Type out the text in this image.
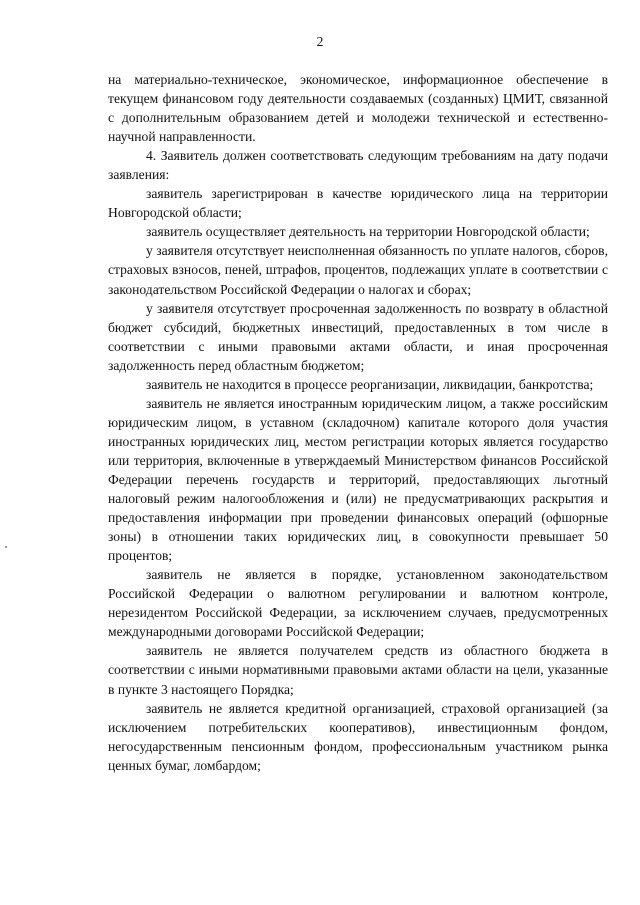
2

на материально-техническое, экономическое, информационное обеспечение в текущем финансовом году деятельности создаваемых (созданных) ЦМИТ, связанной с дополнительным образованием детей и молодежи технической и естественно-научной направленности.

4. Заявитель должен соответствовать следующим требованиям на дату подачи заявления:

заявитель зарегистрирован в качестве юридического лица на территории Новгородской области;

заявитель осуществляет деятельность на территории Новгородской области;

у заявителя отсутствует неисполненная обязанность по уплате налогов, сборов, страховых взносов, пеней, штрафов, процентов, подлежащих уплате в соответствии с законодательством Российской Федерации о налогах и сборах;

у заявителя отсутствует просроченная задолженность по возврату в областной бюджет субсидий, бюджетных инвестиций, предоставленных в том числе в соответствии с иными правовыми актами области, и иная просроченная задолженность перед областным бюджетом;

заявитель не находится в процессе реорганизации, ликвидации, банкротства;

заявитель не является иностранным юридическим лицом, а также российским юридическим лицом, в уставном (складочном) капитале которого доля участия иностранных юридических лиц, местом регистрации которых является государство или территория, включенные в утверждаемый Министерством финансов Российской Федерации перечень государств и территорий, предоставляющих льготный налоговый режим налогообложения и (или) не предусматривающих раскрытия и предоставления информации при проведении финансовых операций (офшорные зоны) в отношении таких юридических лиц, в совокупности превышает 50 процентов;

заявитель не является в порядке, установленном законодательством Российской Федерации о валютном регулировании и валютном контроле, нерезидентом Российской Федерации, за исключением случаев, предусмотренных международными договорами Российской Федерации;

заявитель не является получателем средств из областного бюджета в соответствии с иными нормативными правовыми актами области на цели, указанные в пункте 3 настоящего Порядка;

заявитель не является кредитной организацией, страховой организацией (за исключением потребительских кооперативов), инвестиционным фондом, негосударственным пенсионным фондом, профессиональным участником рынка ценных бумаг, ломбардом;
